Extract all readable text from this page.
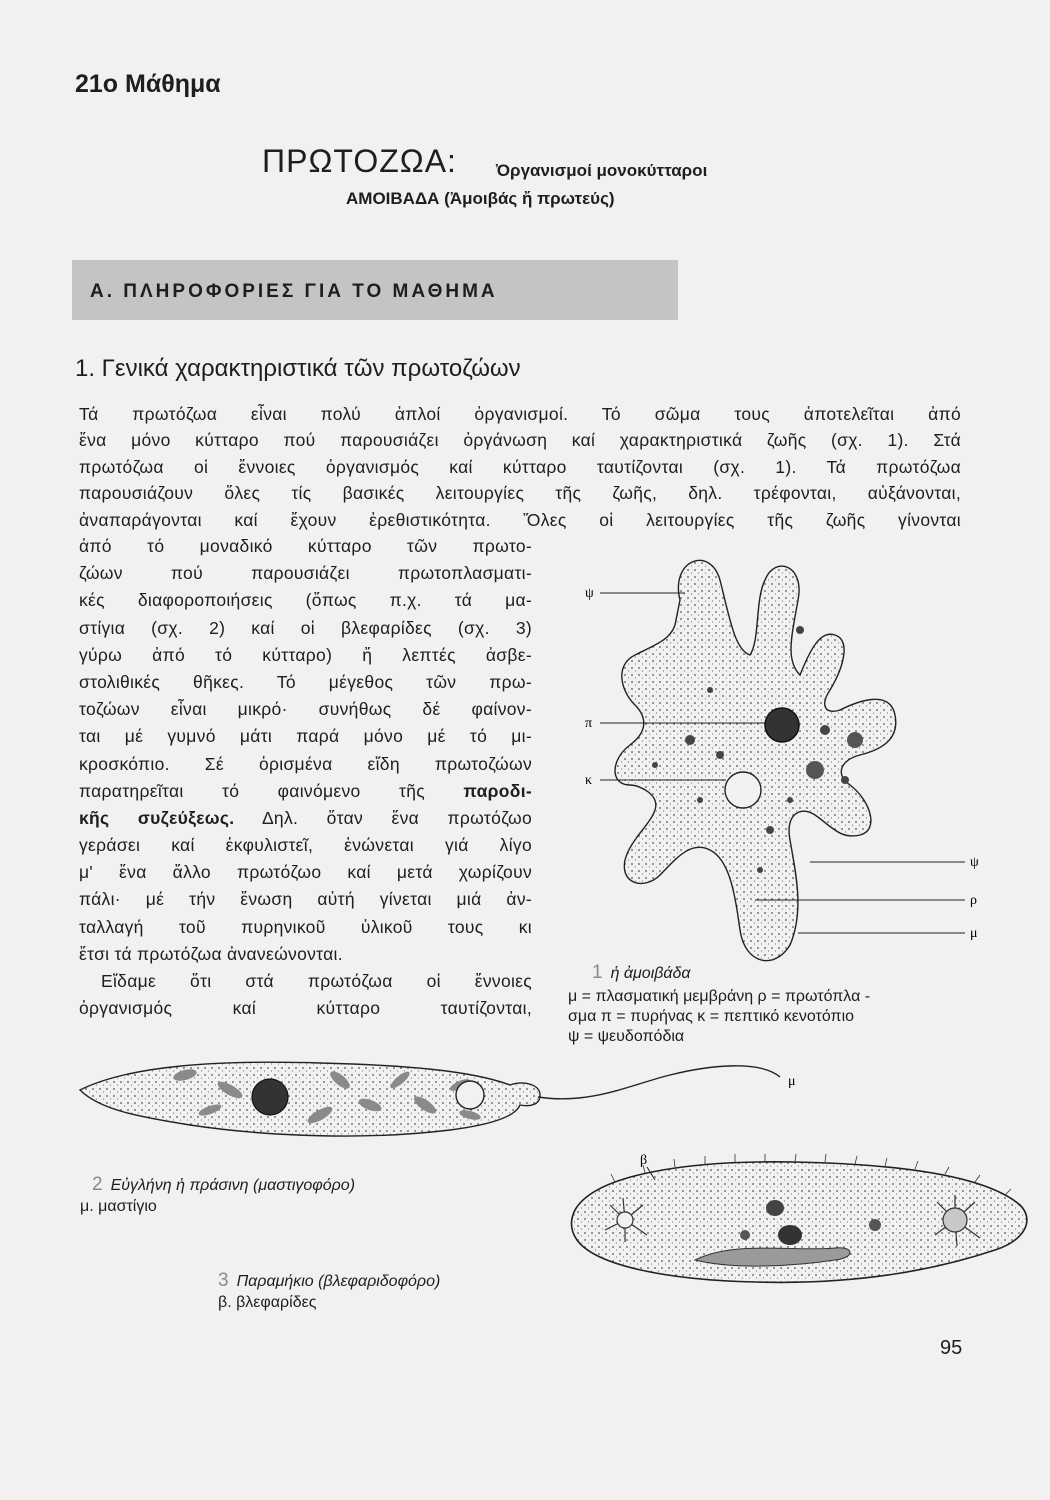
21ο Μάθημα
ΠΡΩΤΟΖΩΑ: Ὀργανισμοί μονοκύτταροι
ΑΜΟΙΒΑΔΑ (Ἀμοιβάς ἤ πρωτεύς)
Α. ΠΛΗΡΟΦΟΡΙΕΣ ΓΙΑ ΤΟ ΜΑΘΗΜΑ
1. Γενικά χαρακτηριστικά τῶν πρωτοζώων
Τά πρωτόζωα εἶναι πολύ ἁπλοί ὀργανισμοί. Τό σῶμα τους ἀποτελεῖται ἀπό
ἕνα μόνο κύτταρο πού παρουσιάζει ὀργάνωση καί χαρακτηριστικά ζωῆς (σχ. 1). Στά
πρωτόζωα οἱ ἔννοιες ὀργανισμός καί κύτταρο ταυτίζονται (σχ. 1). Τά πρωτόζωα
παρουσιάζουν ὅλες τίς βασικές λειτουργίες τῆς ζωῆς, δηλ. τρέφονται, αὐξάνονται,
ἀναπαράγονται καί ἔχουν ἐρεθιστικότητα. Ὅλες οἱ λειτουργίες τῆς ζωῆς γίνονται
ἀπό τό μοναδικό κύτταρο τῶν πρωτο-
ζώων πού παρουσιάζει πρωτοπλασματι-
κές διαφοροποιήσεις (ὅπως π.χ. τά μα-
στίγια (σχ. 2) καί οἱ βλεφαρίδες (σχ. 3)
γύρω ἀπό τό κύτταρο) ἤ λεπτές ἀσβε-
στολιθικές θῆκες. Τό μέγεθος τῶν πρω-
τοζώων εἶναι μικρό· συνήθως δέ φαίνον-
ται μέ γυμνό μάτι παρά μόνο μέ τό μι-
κροσκόπιο. Σέ ὁρισμένα εἴδη πρωτοζώων
παρατηρεῖται τό φαινόμενο τῆς παροδι-
κῆς συζεύξεως. Δηλ. ὅταν ἕνα πρωτόζωο
γεράσει καί ἐκφυλιστεῖ, ἑνώνεται γιά λίγο
μ' ἕνα ἄλλο πρωτόζωο καί μετά χωρίζουν
πάλι· μέ τήν ἕνωση αὐτή γίνεται μιά ἀν-
ταλλαγή τοῦ πυρηνικοῦ ὑλικοῦ τους κι
ἔτσι τά πρωτόζωα ἀνανεώνονται.
Εἴδαμε ὅτι στά πρωτόζωα οἱ ἔννοιες
ὀργανισμός καί κύτταρο ταυτίζονται,
ψ
π
κ
ψ
ρ
μ
1 ἡ ἀμοιβάδα
μ = πλασματική μεμβράνη ρ = πρωτόπλα -
σμα π = πυρήνας κ = πεπτικό κενοτόπιο
ψ = ψευδοπόδια
μ
2 Εὐγλήνη ἡ πράσινη (μαστιγοφόρο)
μ. μαστίγιο
β
3 Παραμήκιο (βλεφαριδοφόρο)
β. βλεφαρίδες
95
